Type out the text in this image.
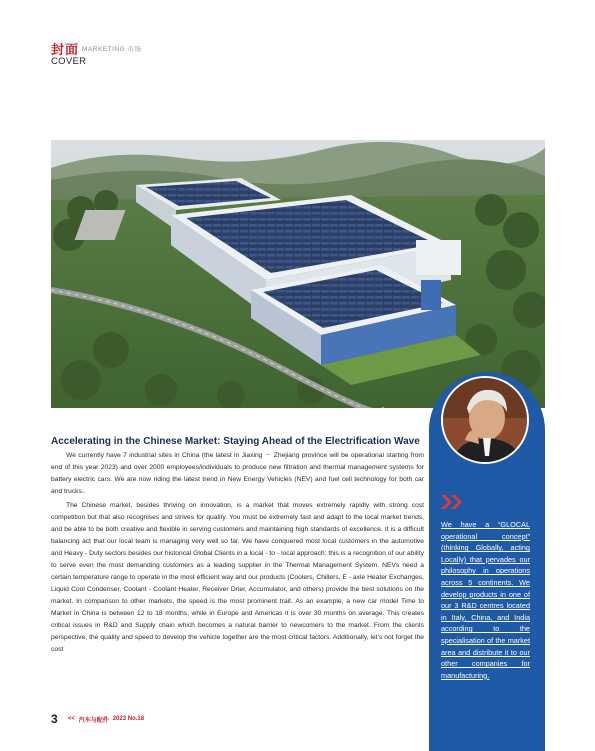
封面 MARKETING 市场
COVER

We have a “GLOCAL operational concept” (thinking Globally, acting Locally) that pervades our philosophy in operations across 5 continents. We develop products in one of our 3 R&D centres located in Italy, China, and India according to the specialisation of the market area and distribute it to our other companies for manufacturing.

Accelerating in the Chinese Market: Staying Ahead of the Electrification Wave

We currently have 7 industrial sites in China (the latest in Jiaxing － Zhejiang province will be operational starting from end of this year 2023) and over 2000 employees/individuals to produce new filtration and thermal management systems for battery electric cars. We are now riding the latest trend in New Energy Vehicles (NEV) and fuel cell technology for both car and trucks..

The Chinese market, besides thriving on innovation, is a market that moves extremely rapidly with strong cost competition but that also recognises and strives for quality. You must be extremely fast and adapt to the local market trends, and be able to be both creative and flexible in serving customers and maintaining high standards of excellence. It is a difficult balancing act that our local team is managing very well so far. We have conquered most local customers in the automotive and Heavy - Duty sectors besides our historical Global Clients in a local - to - local approach: this is a recognition of our ability to serve even the most demanding customers as a leading supplier in the Thermal Management System. NEVs need a certain temperature range to operate in the most efficient way and our products (Coolers, Chillers, E - axle Heater Exchanges, Liquid Cool Condenser, Coolant - Coolant Heater, Receiver Drier, Accumulator, and others) provide the best solutions on the market. In comparison to other markets, the speed is the most prominent trait. As an example, a new car model Time to Market in China is between 12 to 18 months, while in Europe and Americas it is over 30 months on average. This creates critical issues in R&D and Supply chain which becomes a natural barrier to newcomers to the market. From the clients perspective, the quality and speed to develop the vehicle together are the most critical factors. Additionally, let’s not forget the cost

3 << 汽车与配件 2023 No.18
